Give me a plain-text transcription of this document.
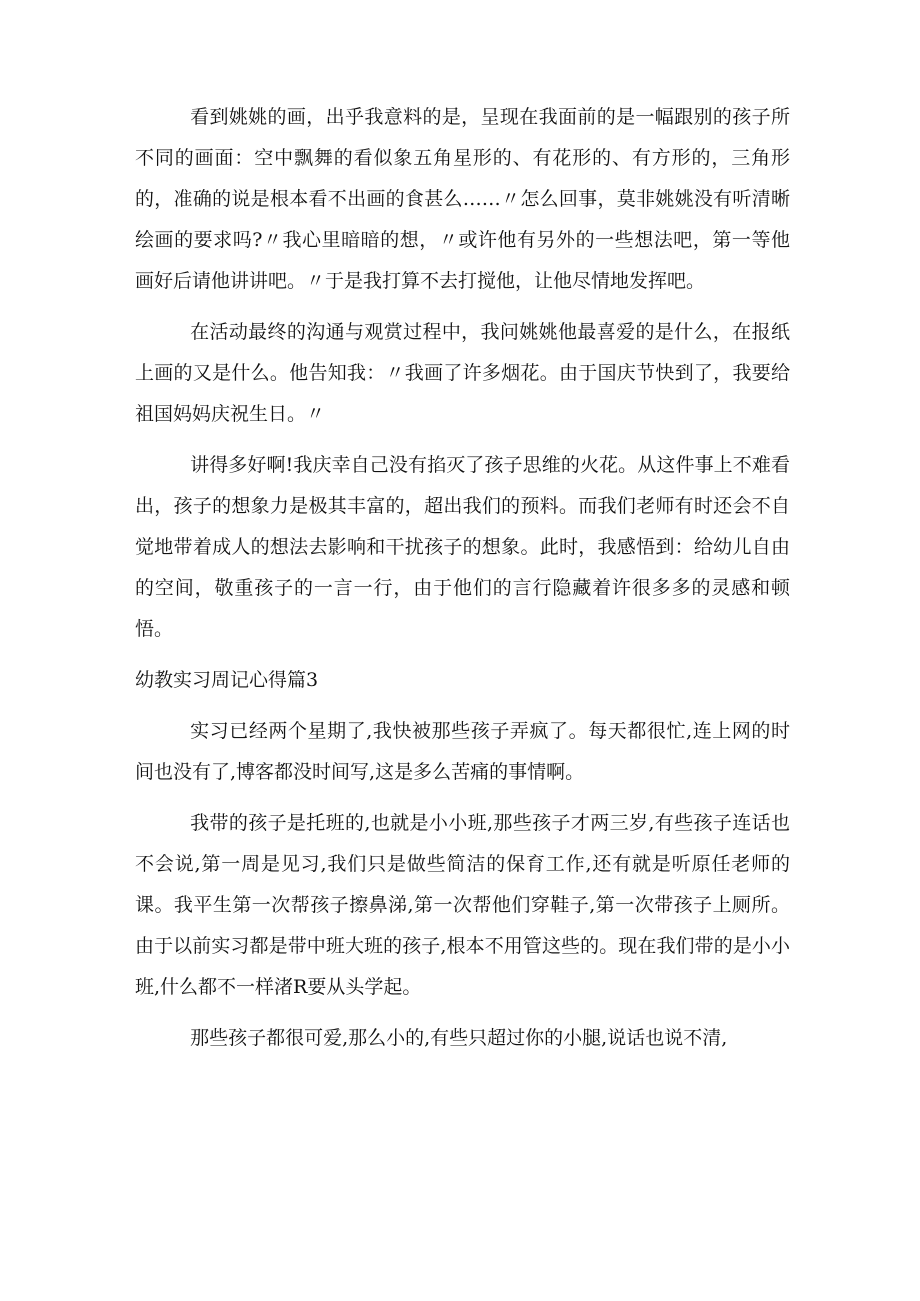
看到姚姚的画，出乎我意料的是，呈现在我面前的是一幅跟别的孩子所不同的画面：空中飘舞的看似象五角星形的、有花形的、有方形的，三角形的，准确的说是根本看不出画的食甚么……〃怎么回事，莫非姚姚没有听清晰绘画的要求吗?〃我心里暗暗的想，〃或许他有另外的一些想法吧，第一等他画好后请他讲讲吧。〃于是我打算不去打搅他，让他尽情地发挥吧。

在活动最终的沟通与观赏过程中，我问姚姚他最喜爱的是什么，在报纸上画的又是什么。他告知我：〃我画了许多烟花。由于国庆节快到了，我要给祖国妈妈庆祝生日。〃

讲得多好啊!我庆幸自己没有掐灭了孩子思维的火花。从这件事上不难看出，孩子的想象力是极其丰富的，超出我们的预料。而我们老师有时还会不自觉地带着成人的想法去影响和干扰孩子的想象。此时，我感悟到：给幼儿自由的空间，敬重孩子的一言一行，由于他们的言行隐藏着许很多多的灵感和顿悟。

幼教实习周记心得篇3

实习已经两个星期了,我快被那些孩子弄疯了。每天都很忙,连上网的时间也没有了,博客都没时间写,这是多么苦痛的事情啊。

我带的孩子是托班的,也就是小小班,那些孩子才两三岁,有些孩子连话也不会说,第一周是见习,我们只是做些简洁的保育工作,还有就是听原任老师的课。我平生第一次帮孩子擦鼻涕,第一次帮他们穿鞋子,第一次带孩子上厕所。由于以前实习都是带中班大班的孩子,根本不用管这些的。现在我们带的是小小班,什么都不一样渚R要从头学起。

那些孩子都很可爱,那么小的,有些只超过你的小腿,说话也说不清,
